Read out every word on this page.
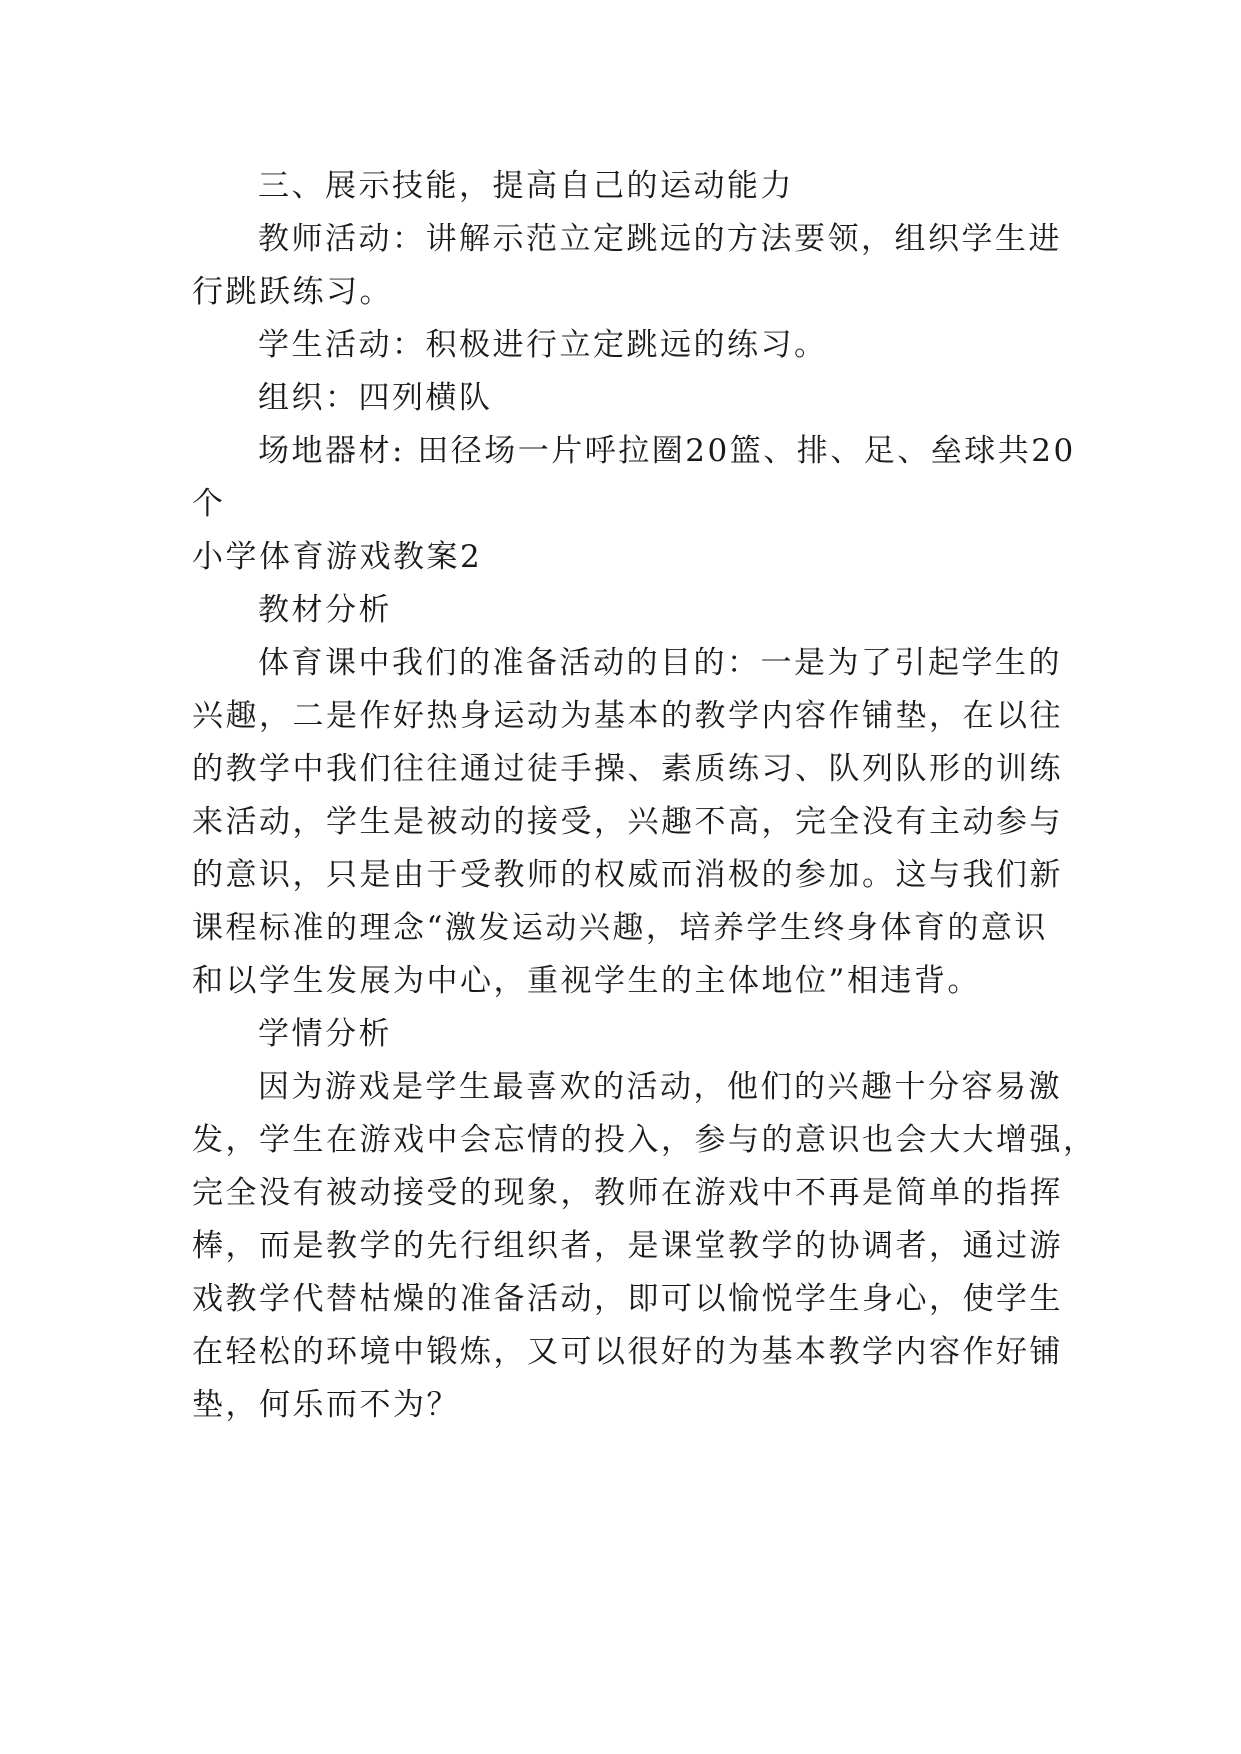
三、展示技能，提高自己的运动能力
教师活动：讲解示范立定跳远的方法要领，组织学生进
行跳跃练习。
学生活动：积极进行立定跳远的练习。
组织：四列横队
场地器材: 田径场一片呼拉圈20篮、排、足、垒球共20
个
小学体育游戏教案2
教材分析
体育课中我们的准备活动的目的：一是为了引起学生的
兴趣，二是作好热身运动为基本的教学内容作铺垫，在以往
的教学中我们往往通过徒手操、素质练习、队列队形的训练
来活动，学生是被动的接受，兴趣不高，完全没有主动参与
的意识，只是由于受教师的权威而消极的参加。这与我们新
课程标准的理念“激发运动兴趣，培养学生终身体育的意识
和以学生发展为中心，重视学生的主体地位”相违背。
学情分析
因为游戏是学生最喜欢的活动，他们的兴趣十分容易激
发，学生在游戏中会忘情的投入，参与的意识也会大大增强，
完全没有被动接受的现象，教师在游戏中不再是简单的指挥
棒，而是教学的先行组织者，是课堂教学的协调者，通过游
戏教学代替枯燥的准备活动，即可以愉悦学生身心，使学生
在轻松的环境中锻炼，又可以很好的为基本教学内容作好铺
垫，何乐而不为？
